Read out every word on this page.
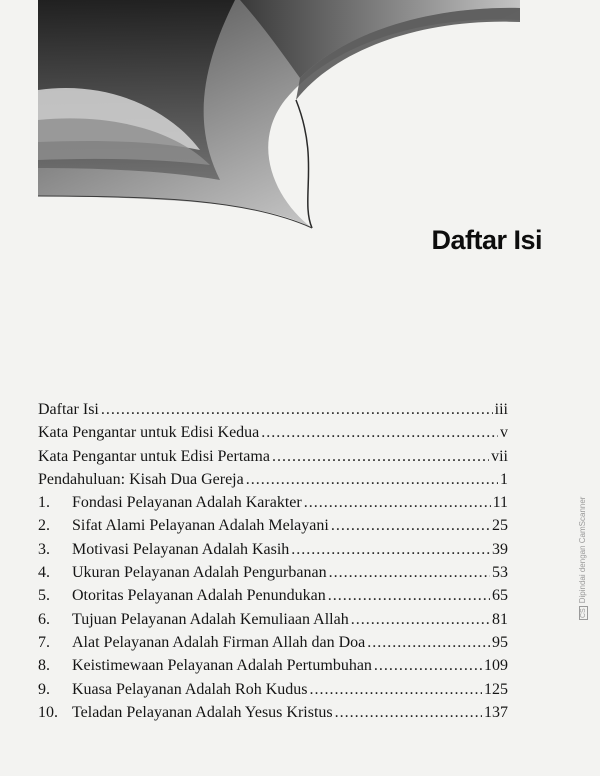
Daftar Isi
Daftar Isi .....	iii
Kata Pengantar untuk Edisi Kedua .....	v
Kata Pengantar untuk Edisi Pertama .....	vii
Pendahuluan: Kisah Dua Gereja .....	1
1.	Fondasi Pelayanan Adalah Karakter .....	11
2.	Sifat Alami Pelayanan Adalah Melayani .....	25
3.	Motivasi Pelayanan Adalah Kasih .....	39
4.	Ukuran Pelayanan Adalah Pengurbanan .....	53
5.	Otoritas Pelayanan Adalah Penundukan .....	65
6.	Tujuan Pelayanan Adalah Kemuliaan Allah .....	81
7.	Alat Pelayanan Adalah Firman Allah dan Doa .....	95
8.	Keistimewaan Pelayanan Adalah Pertumbuhan .....	109
9.	Kuasa Pelayanan Adalah Roh Kudus .....	125
10. Teladan Pelayanan Adalah Yesus Kristus .....	137
CSDipindai dengan CamScanner
